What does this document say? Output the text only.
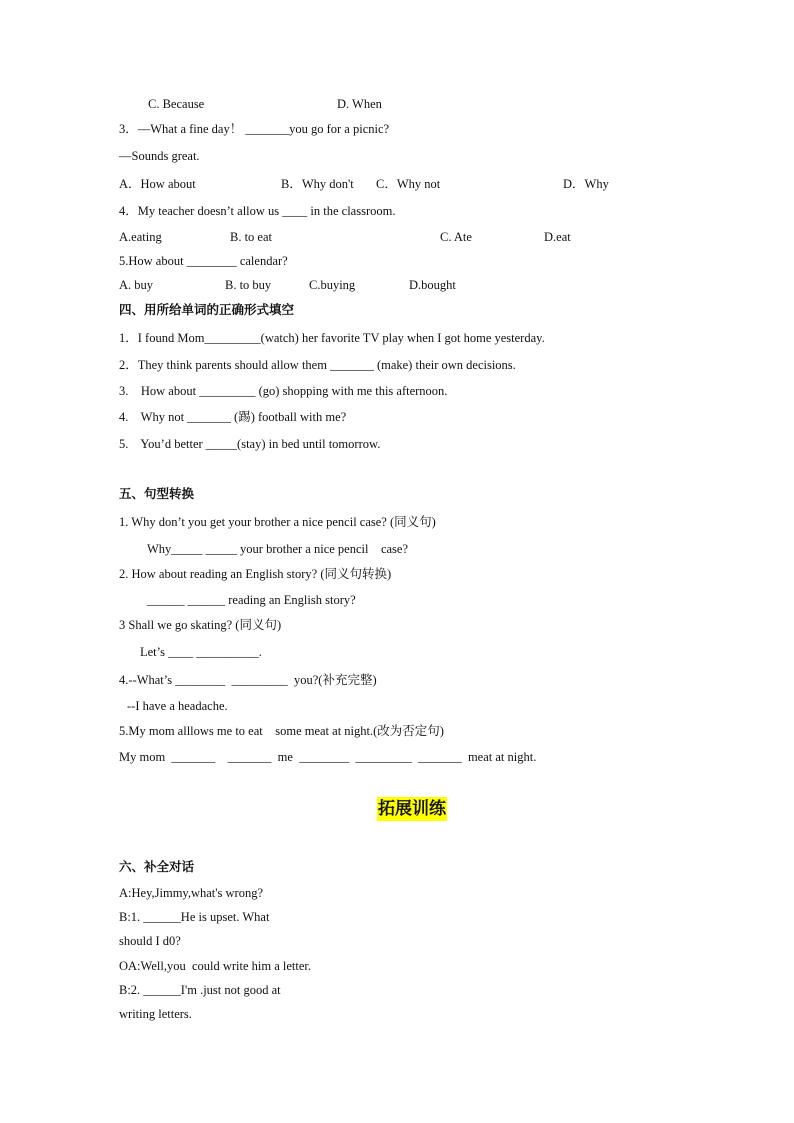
C. Because	D. When
3．—What a fine day！ _______you go for a picnic?
—Sounds great.
A．How about	B．Why don't C．Why not	D．Why
4．My teacher doesn’t allow us ____ in the classroom.
A.eating	B. to eat	C. Ate	D.eat
5.How about ________ calendar?
A. buy	B. to buy	C.buying	D.bought
四、用所给单词的正确形式填空
1．I found Mom_________(watch) her favorite TV play when I got home yesterday.
2．They think parents should allow them _______ (make) their own decisions.
3.    How about _________ (go) shopping with me this afternoon.
4.    Why not _______ (踢) football with me?
5.    You’d better _____(stay) in bed until tomorrow.
五、句型转换
1. Why don’t you get your brother a nice pencil case? (同义句)
Why_____ _____ your brother a nice pencil    case?
2. How about reading an English story? (同义句转换)
______ ______ reading an English story?
3 Shall we go skating? (同义句)
Let’s ____ __________.
4.--What’s ________  _________  you?(补充完整)
--I have a headache.
5.My mom alllows me to eat    some meat at night.(改为否定句)
My mom  _______    _______  me  ________  _________  _______  meat at night.
拓展训练
六、补全对话
A:Hey,Jimmy,what's wrong?
B:1. ______He is upset. What
should I d0?
OA:Well,you  could write him a letter.
B:2. ______I'm .just not good at
writing letters.
